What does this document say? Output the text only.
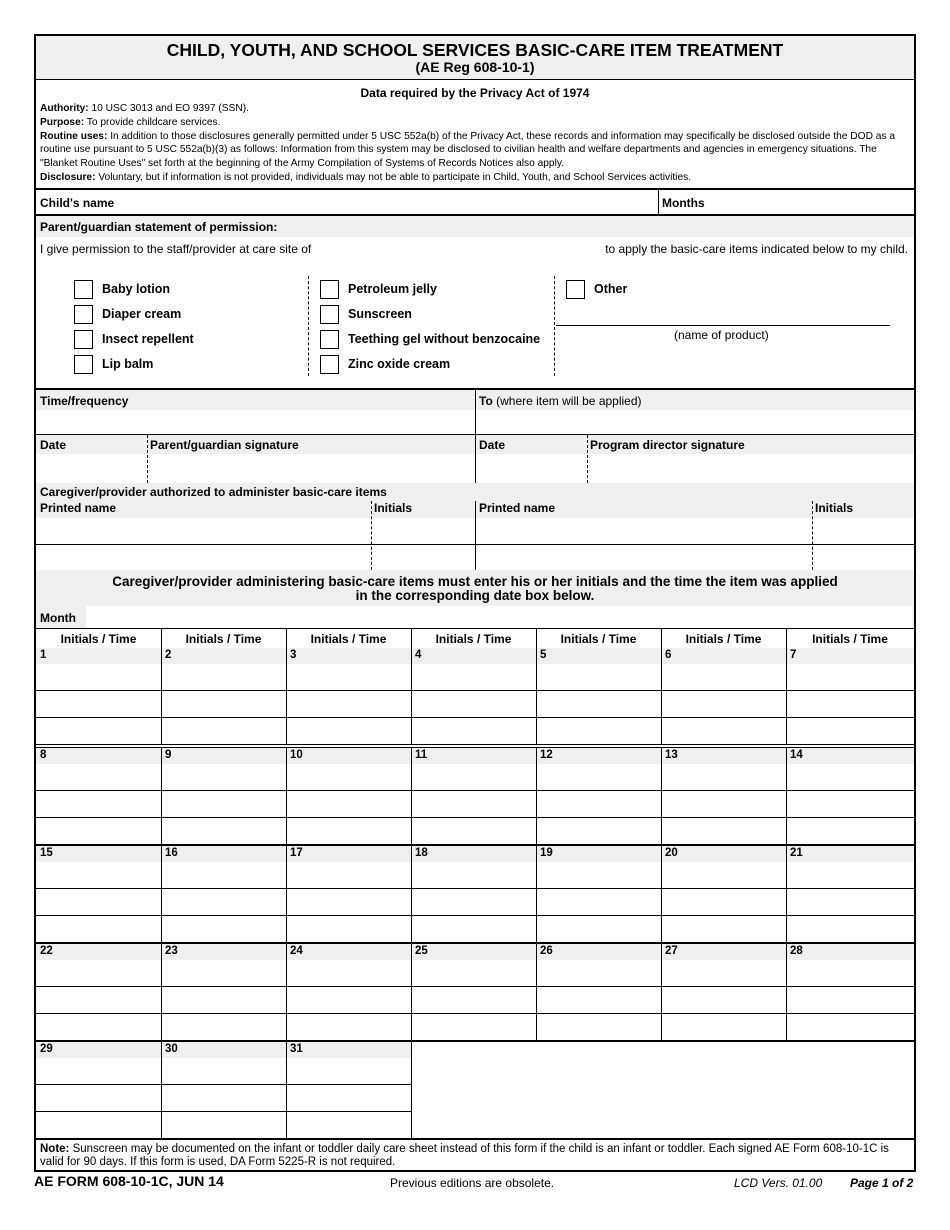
CHILD, YOUTH, AND SCHOOL SERVICES BASIC-CARE ITEM TREATMENT
(AE Reg 608-10-1)
Data required by the Privacy Act of 1974
Authority: 10 USC 3013 and EO 9397 (SSN).
Purpose: To provide childcare services.
Routine uses: In addition to those disclosures generally permitted under 5 USC 552a(b) of the Privacy Act, these records and information may specifically be disclosed outside the DOD as a routine use pursuant to 5 USC 552a(b)(3) as follows: Information from this system may be disclosed to civilian health and welfare departments and agencies in emergency situations. The "Blanket Routine Uses" set forth at the beginning of the Army Compilation of Systems of Records Notices also apply.
Disclosure: Voluntary, but if information is not provided, individuals may not be able to participate in Child, Youth, and School Services activities.
Child's name	Months
Parent/guardian statement of permission:
I give permission to the staff/provider at care site of	to apply the basic-care items indicated below to my child.
Baby lotion
Diaper cream
Insect repellent
Lip balm
Petroleum jelly
Sunscreen
Teething gel without benzocaine
Zinc oxide cream
Other
(name of product)
Time/frequency	To (where item will be applied)
Date	Parent/guardian signature	Date	Program director signature
Caregiver/provider authorized to administer basic-care items
Printed name	Initials	Printed name	Initials
Caregiver/provider administering basic-care items must enter his or her initials and the time the item was applied
in the corresponding date box below.
Month
Initials / Time	Initials / Time	Initials / Time	Initials / Time	Initials / Time	Initials / Time	Initials / Time
1	2	3	4	5	6	7
8	9	10	11	12	13	14
15	16	17	18	19	20	21
22	23	24	25	26	27	28
29	30	31
Note: Sunscreen may be documented on the infant or toddler daily care sheet instead of this form if the child is an infant or toddler. Each signed AE Form 608-10-1C is valid for 90 days. If this form is used, DA Form 5225-R is not required.
AE FORM 608-10-1C, JUN 14	Previous editions are obsolete.	LCD Vers. 01.00 Page 1 of 2
